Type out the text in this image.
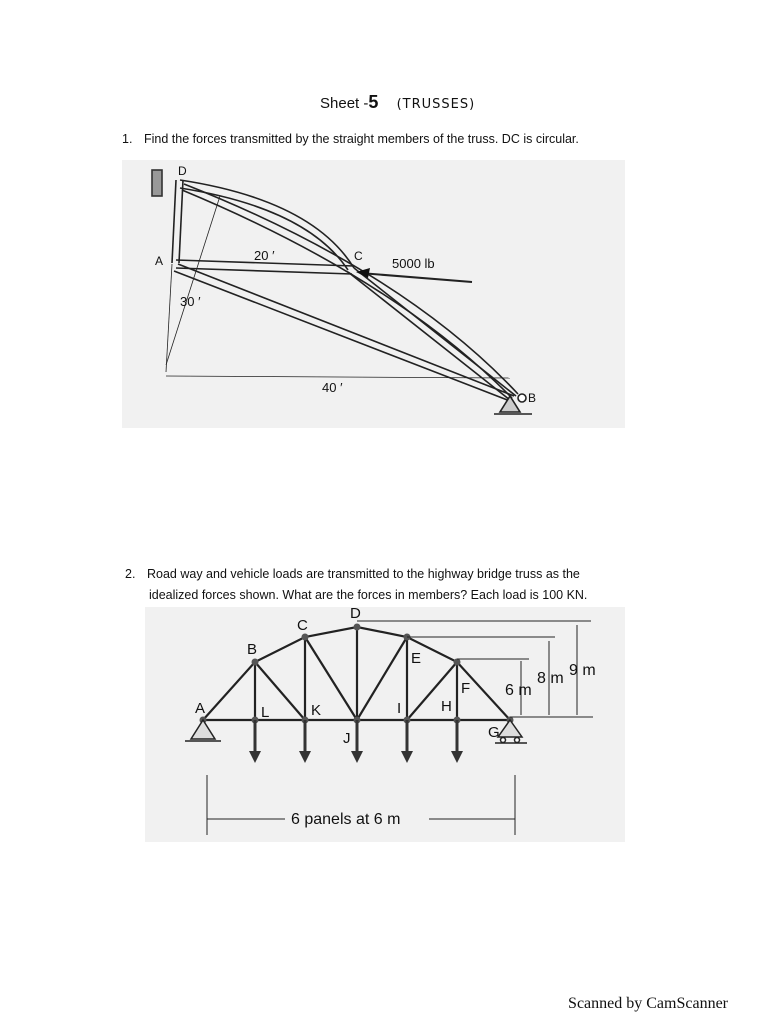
Sheet -5 (TRUSSES)
1. Find the forces transmitted by the straight members of the truss. DC is circular.
D
A	C
B
20 ′
30 ′
40 ′
5000 lb
2. Road way and vehicle loads are transmitted to the highway bridge truss as the
idealized forces shown. What are the forces in members? Each load is 100 KN.
A
B
C
D
E
F
G
H
I
J
K
L
6 m
8 m 9 m
6 panels at 6 m
Scanned by CamScanner
